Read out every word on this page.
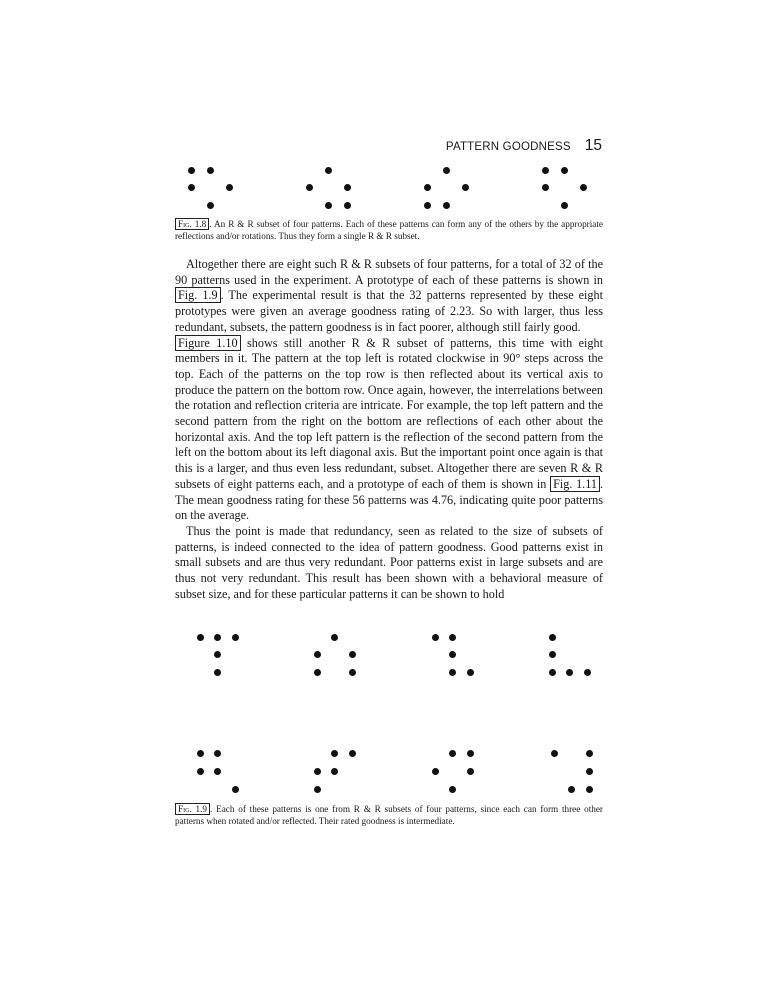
PATTERN GOODNESS 15
Fig. 1.8 . An R & R subset of four patterns. Each of these patterns can form any of the others by the appropriate reflections and/or rotations. Thus they form a single R & R subset.

Altogether there are eight such R & R subsets of four patterns, for a total of 32 of the 90 patterns used in the experiment. A prototype of each of these patterns is shown in Fig. 1.9 . The experimental result is that the 32 patterns represented by these eight prototypes were given an average goodness rating of 2.23. So with larger, thus less redundant, subsets, the pattern goodness is in fact poorer, although still fairly good.

Figure 1.10 shows still another R & R subset of patterns, this time with eight members in it. The pattern at the top left is rotated clockwise in 90° steps across the top. Each of the patterns on the top row is then reflected about its vertical axis to produce the pattern on the bottom row. Once again, however, the interrelations between the rotation and reflection criteria are intricate. For example, the top left pattern and the second pattern from the right on the bottom are reflections of each other about the horizontal axis. And the top left pattern is the reflection of the second pattern from the left on the bottom about its left diagonal axis. But the important point once again is that this is a larger, and thus even less redundant, subset. Altogether there are seven R & R subsets of eight patterns each, and a prototype of each of them is shown in Fig. 1.11 . The mean goodness rating for these 56 patterns was 4.76, indicating quite poor patterns on the average.

Thus the point is made that redundancy, seen as related to the size of subsets of patterns, is indeed connected to the idea of pattern goodness. Good patterns exist in small subsets and are thus very redundant. Poor patterns exist in large subsets and are thus not very redundant. This result has been shown with a behavioral measure of subset size, and for these particular patterns it can be shown to hold

Fig. 1.9 . Each of these patterns is one from R & R subsets of four patterns, since each can form three other patterns when rotated and/or reflected. Their rated goodness is intermediate.
